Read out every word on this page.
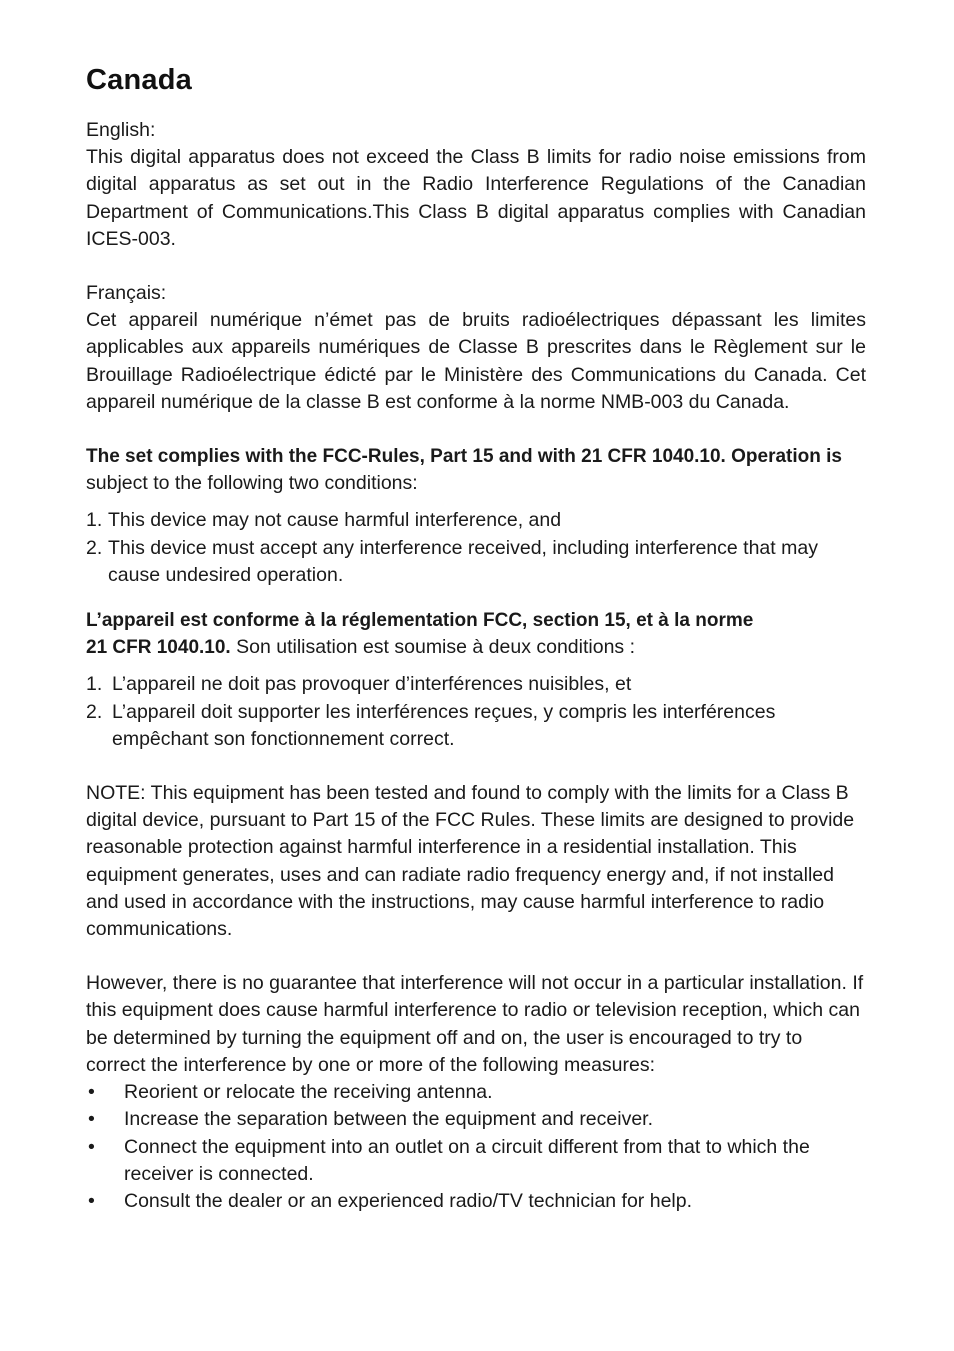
Canada

English:

This digital apparatus does not exceed the Class B limits for radio noise emissions from digital apparatus as set out in the Radio Interference Regulations of the Canadian Department of Communications.This Class B digital apparatus complies with Canadian ICES-003.

Français:

Cet appareil numérique n’émet pas de bruits radioélectriques dépassant les limites applicables aux appareils numériques de Classe B prescrites dans le Règlement sur le Brouillage Radioélectrique édicté par le Ministère des Communications du Canada. Cet appareil numérique de la classe B est conforme à la norme NMB-003 du Canada.

The set complies with the FCC-Rules, Part 15 and with 21 CFR 1040.10. Operation is
subject to the following two conditions:

1. This device may not cause harmful interference, and
2. This device must accept any interference received, including interference that may cause undesired operation.

L’appareil est conforme à la réglementation FCC, section 15, et à la norme
21 CFR 1040.10. Son utilisation est soumise à deux conditions :

1. L’appareil ne doit pas provoquer d’interférences nuisibles, et
2. L’appareil doit supporter les interférences reçues, y compris les interférences empêchant son fonctionnement correct.

NOTE: This equipment has been tested and found to comply with the limits for a Class B digital device, pursuant to Part 15 of the FCC Rules. These limits are designed to provide reasonable protection against harmful interference in a residential installation. This equipment generates, uses and can radiate radio frequency energy and, if not installed and used in accordance with the instructions, may cause harmful interference to radio communications.

However, there is no guarantee that interference will not occur in a particular installation. If this equipment does cause harmful interference to radio or television reception, which can be determined by turning the equipment off and on, the user is encouraged to try to correct the interference by one or more of the following measures:

• Reorient or relocate the receiving antenna.
• Increase the separation between the equipment and receiver.
• Connect the equipment into an outlet on a circuit different from that to which the receiver is connected.
• Consult the dealer or an experienced radio/TV technician for help.
